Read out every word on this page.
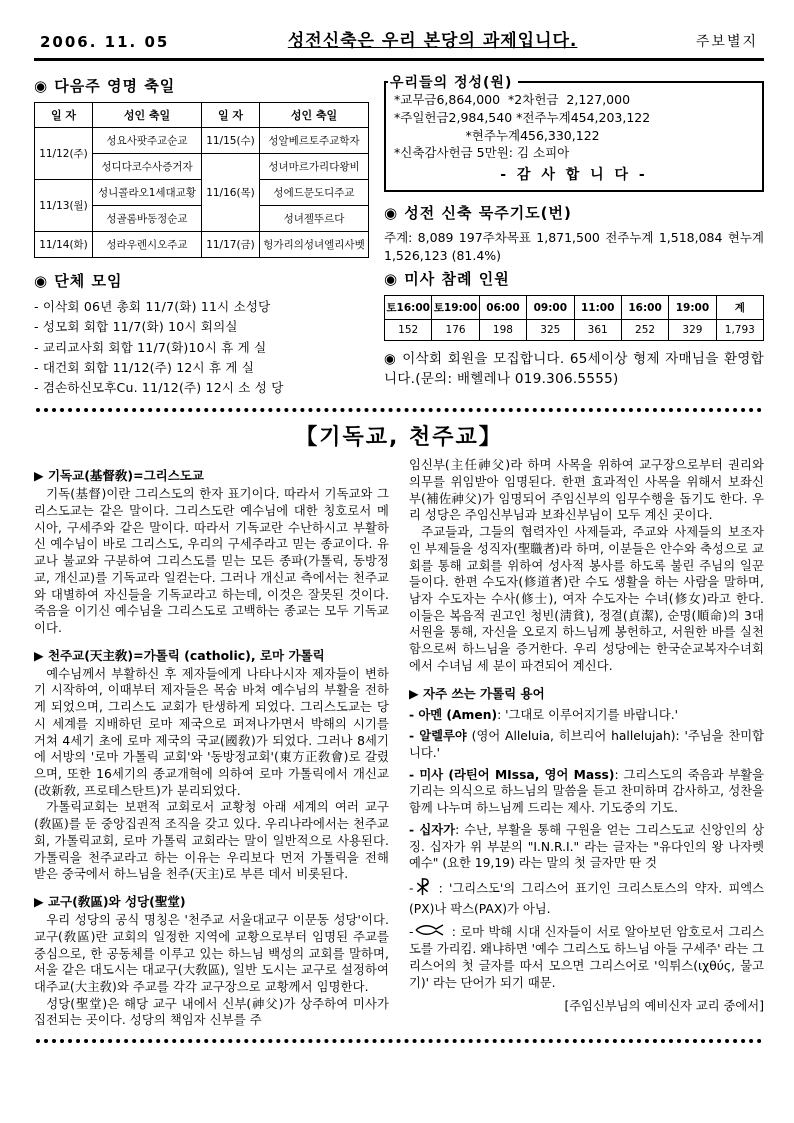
2006. 11. 05	성전신축은 우리 본당의 과제입니다.	주보별지
◉ 다음주 영명 축일
일 자	성인 축일	일 자	성인 축일
11/12(주)	성요사팟주교순교	11/15(수)	성알베르토주교학자
	성디다코수사증거자	11/16(목)	성녀마르가리다왕비
11/13(월)	성니콜라오1세대교황		성에드문도디주교
	성골롬바동정순교		성녀젤뚜르다
11/14(화)	성라우렌시오주교	11/17(금)	헝가리의성녀엘리사벳
◉ 단체 모임
- 이삭회 06년 총회 11/7(화) 11시 소성당
- 성모회 회합 11/7(화) 10시 회의실
- 교리교사회 회합 11/7(화)10시 휴 게 실
- 대건회 회합 11/12(주) 12시 휴 게 실
- 겸손하신모후Cu. 11/12(주) 12시 소 성 당
우리들의 정성(원)
*교무금6,864,000  *2차헌금  2,127,000
*주일헌금2,984,540 *전주누계454,203,122
*현주누계456,330,122
*신축감사헌금 5만원: 김 소피아
- 감 사 합 니 다 -
◉ 성전 신축 묵주기도(번)
주계: 8,089 197주차목표 1,871,500 전주누계 1,518,084 현누계 1,526,123 (81.4%)
◉ 미사 참례 인원
토16:00	토19:00	06:00	09:00	11:00	16:00	19:00	계
152	176	198	325	361	252	329	1,793
◉ 이삭회 회원을 모집합니다. 65세이상 형제 자매님을 환영합니다.(문의: 배헬레나 019.306.5555)
【기독교, 천주교】
▶ 기독교(基督敎)=그리스도교

기독(基督)이란 그리스도의 한자 표기이다. 따라서 기독교와 그리스도교는 같은 말이다. 그리스도란 예수님에 대한 칭호로서 메시아, 구세주와 같은 말이다. 따라서 기독교란 수난하시고 부활하신 예수님이 바로 그리스도, 우리의 구세주라고 믿는 종교이다. 유교나 불교와 구분하여 그리스도를 믿는 모든 종파(가톨릭, 동방정교, 개신교)를 기독교라 일컫는다. 그러나 개신교 측에서는 천주교와 대별하여 자신들을 기독교라고 하는데, 이것은 잘못된 것이다. 죽음을 이기신 예수님을 그리스도로 고백하는 종교는 모두 기독교이다.

▶ 천주교(天主敎)=가톨릭 (catholic), 로마 가톨릭

예수님께서 부활하신 후 제자들에게 나타나시자 제자들이 변하기 시작하여, 이때부터 제자들은 목숨 바쳐 예수님의 부활을 전하게 되었으며, 그리스도 교회가 탄생하게 되었다. 그리스도교는 당시 세계를 지배하던 로마 제국으로 퍼져나가면서 박해의 시기를 거쳐 4세기 초에 로마 제국의 국교(國敎)가 되었다. 그러나 8세기에 서방의 '로마 가톨릭 교회'와 '동방정교회'(東方正敎會)로 갈렸으며, 또한 16세기의 종교개혁에 의하여 로마 가톨릭에서 개신교(改新敎, 프로테스탄트)가 분리되었다.

가톨릭교회는 보편적 교회로서 교황청 아래 세계의 여러 교구(敎區)를 둔 중앙집권적 조직을 갖고 있다. 우리나라에서는 천주교회, 가톨릭교회, 로마 가톨릭 교회라는 말이 일반적으로 사용된다. 가톨릭을 천주교라고 하는 이유는 우리보다 먼저 가톨릭을 전해 받은 중국에서 하느님을 천주(天主)로 부른 데서 비롯된다.

▶ 교구(敎區)와 성당(聖堂)

우리 성당의 공식 명칭은 '천주교 서울대교구 이문동 성당'이다. 교구(敎區)란 교회의 일정한 지역에 교황으로부터 임명된 주교를 중심으로, 한 공동체를 이루고 있는 하느님 백성의 교회를 말하며, 서울 같은 대도시는 대교구(大敎區), 일반 도시는 교구로 설정하여 대주교(大主敎)와 주교를 각각 교구장으로 교황께서 임명한다.

성당(聖堂)은 해당 교구 내에서 신부(神父)가 상주하여 미사가 집전되는 곳이다. 성당의 책임자 신부를 주

임신부(主任神父)라 하며 사목을 위하여 교구장으로부터 권리와 의무를 위임받아 임명된다. 한편 효과적인 사목을 위해서 보좌신부(補佐神父)가 임명되어 주임신부의 임무수행을 돕기도 한다. 우리 성당은 주임신부님과 보좌신부님이 모두 계신 곳이다.

주교들과, 그들의 협력자인 사제들과, 주교와 사제들의 보조자인 부제들을 성직자(聖職者)라 하며, 이분들은 안수와 축성으로 교회를 통해 교회를 위하여 성사적 봉사를 하도록 불린 주님의 일꾼들이다. 한편 수도자(修道者)란 수도 생활을 하는 사람을 말하며, 남자 수도자는 수사(修士), 여자 수도자는 수녀(修女)라고 한다. 이들은 복음적 권고인 청빈(淸貧), 정결(貞潔), 순명(順命)의 3대 서원을 통해, 자신을 오로지 하느님께 봉헌하고, 서원한 바를 실천함으로써 하느님을 증거한다. 우리 성당에는 한국순교복자수녀회에서 수녀님 세 분이 파견되어 계신다.

▶ 자주 쓰는 가톨릭 용어

- 아멘 (Amen): '그대로 이루어지기를 바랍니다.'

- 알렐루야 (영어 Alleluia, 히브리어 hallelujah): '주님을 찬미합니다.'

- 미사 (라틴어 MIssa, 영어 Mass): 그리스도의 죽음과 부활을 기리는 의식으로 하느님의 말씀을 듣고 찬미하며 감사하고, 성찬을 함께 나누며 하느님께 드리는 제사. 기도중의 기도.

- 십자가: 수난, 부활을 통해 구원을 얻는 그리스도교 신앙인의 상징. 십자가 위 부분의 "I.N.R.I." 라는 글자는 "유다인의 왕 나자렛 예수" (요한 19,19) 라는 말의 첫 글자만 딴 것

- : '그리스도'의 그리스어 표기인 크리스토스의 약자. 피엑스(PX)나 팍스(PAX)가 아님.

-	: 로마 박해 시대 신자들이 서로 알아보던 암호로서 그리스도를 가리킴. 왜냐하면 '예수 그리스도 하느님 아들 구세주' 라는 그리스어의 첫 글자를 따서 모으면 그리스어로 '익튀스(ιχθύς, 물고기)' 라는 단어가 되기 때문.

[주임신부님의 예비신자 교리 중에서]
